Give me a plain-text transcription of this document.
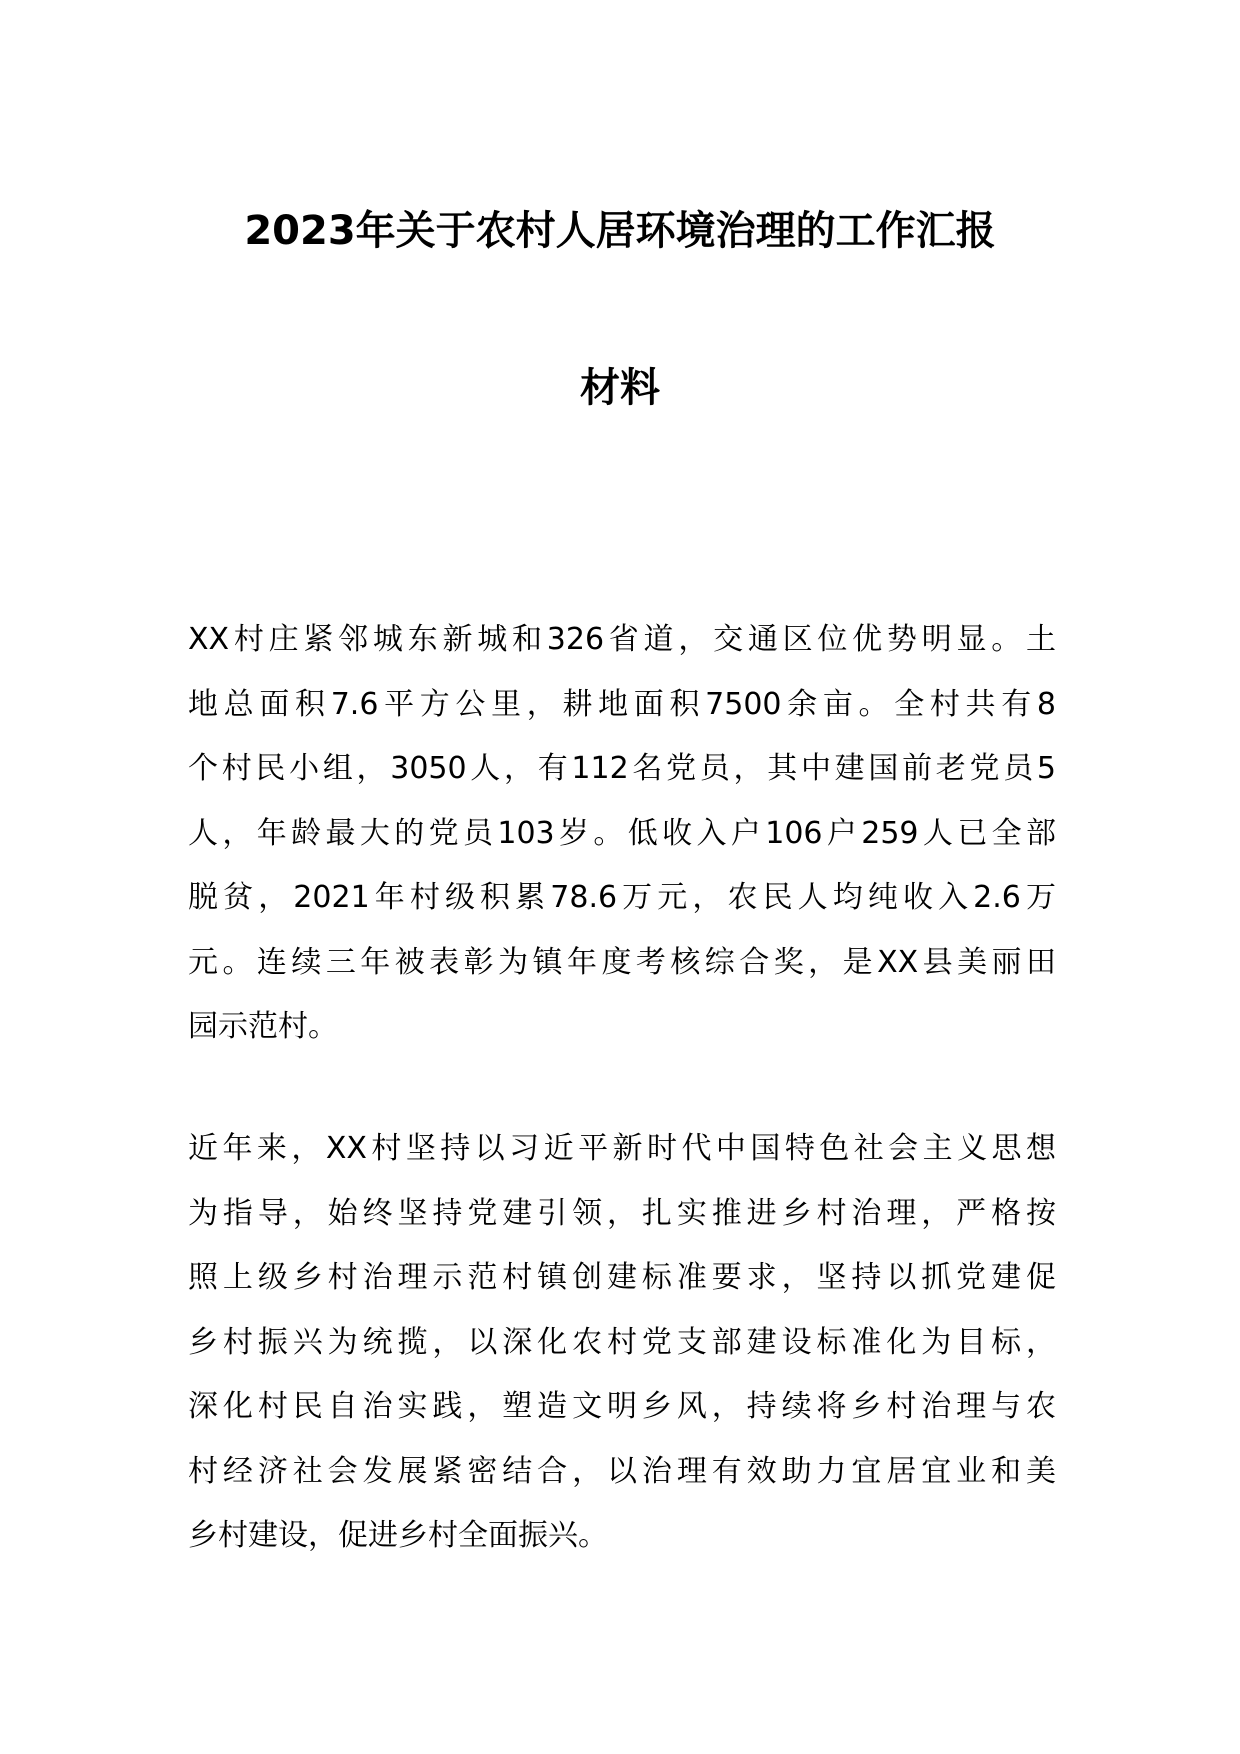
2023年关于农村人居环境治理的工作汇报
材料
XX村庄紧邻城东新城和326省道，交通区位优势明显。土
地总面积7.6平方公里，耕地面积7500余亩。全村共有8
个村民小组，3050人，有112名党员，其中建国前老党员5
人，年龄最大的党员103岁。低收入户106户259人已全部
脱贫，2021年村级积累78.6万元，农民人均纯收入2.6万
元。连续三年被表彰为镇年度考核综合奖，是XX县美丽田
园示范村。
近年来，XX村坚持以习近平新时代中国特色社会主义思想
为指导，始终坚持党建引领，扎实推进乡村治理，严格按
照上级乡村治理示范村镇创建标准要求，坚持以抓党建促
乡村振兴为统揽，以深化农村党支部建设标准化为目标，
深化村民自治实践，塑造文明乡风，持续将乡村治理与农
村经济社会发展紧密结合，以治理有效助力宜居宜业和美
乡村建设，促进乡村全面振兴。
